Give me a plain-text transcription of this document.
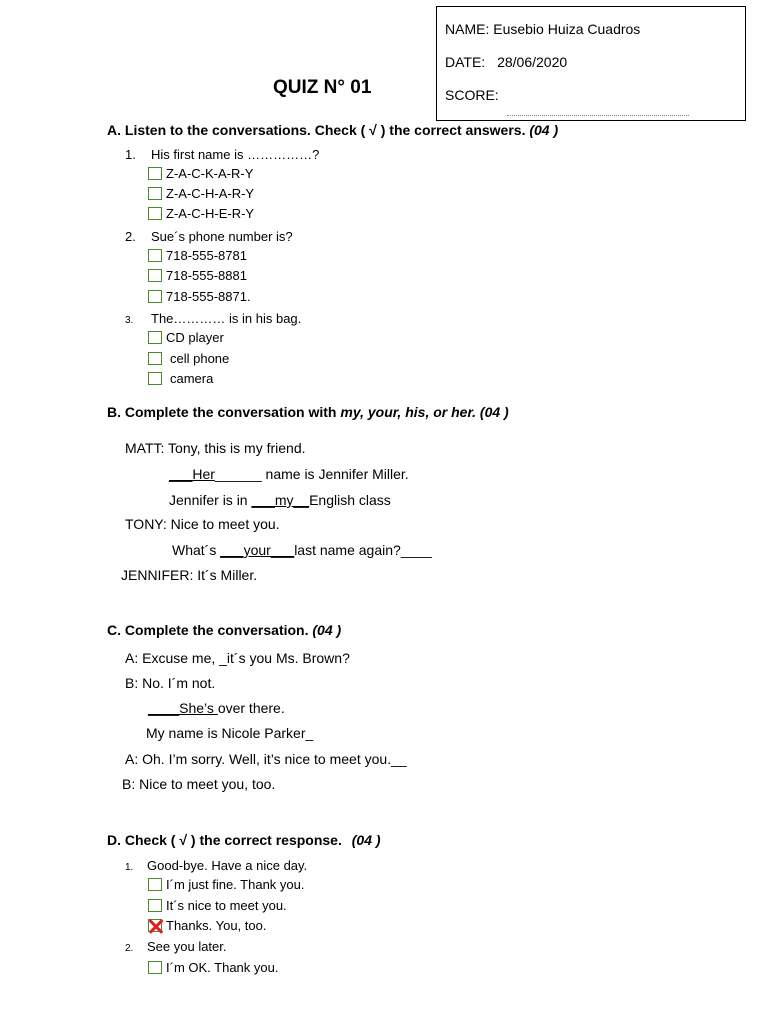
NAME: Eusebio Huiza Cuadros
DATE: 28/06/2020
SCORE:
QUIZ N° 01
A. Listen to the conversations. Check ( √ ) the correct answers. (04 )
1. His first name is ……………?
Z-A-C-K-A-R-Y
Z-A-C-H-A-R-Y
Z-A-C-H-E-R-Y
2. Sue´s phone number is?
718-555-8781
718-555-8881
718-555-8871.
3. The………… is in his bag.
CD player
cell phone
camera
B. Complete the conversation with my, your, his, or her. (04 )
MATT: Tony, this is my friend.
___Her______ name is Jennifer Miller.
Jennifer is in ___my__English class
TONY: Nice to meet you.
What´s ___your___last name again?____
JENNIFER: It´s Miller.
C. Complete the conversation. (04 )
A: Excuse me, _it´s you Ms. Brown?
B: No. I´m not.
____She’s over there.
My name is Nicole Parker_
A: Oh. I’m sorry. Well, it’s nice to meet you.__
B: Nice to meet you, too.
D. Check ( √ ) the correct response. (04 )
1. Good-bye. Have a nice day.
I´m just fine. Thank you.
It´s nice to meet you.
Thanks. You, too.
2. See you later.
I´m OK. Thank you.
